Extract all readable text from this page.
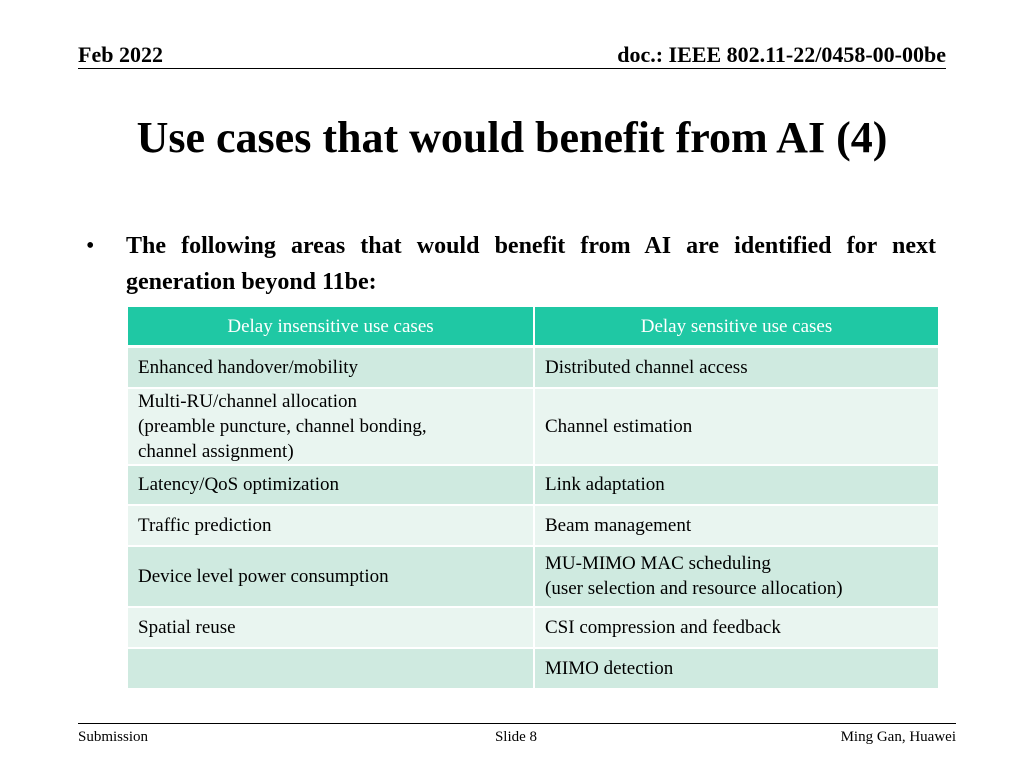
Feb 2022	doc.: IEEE 802.11-22/0458-00-00be
Use cases that would benefit from AI (4)
• The following areas that would benefit from AI are identified for next generation beyond 11be:
Delay insensitive use cases	Delay sensitive use cases

Enhanced handover/mobility	Distributed channel access

Multi-RU/channel allocation
(preamble puncture, channel bonding,
channel assignment)	Channel estimation

Latency/QoS optimization	Link adaptation

Traffic prediction	Beam management

Device level power consumption	MU-MIMO MAC scheduling
(user selection and resource allocation)

Spatial reuse	CSI compression and feedback

	MIMO detection
Submission	Slide 8	Ming Gan, Huawei
